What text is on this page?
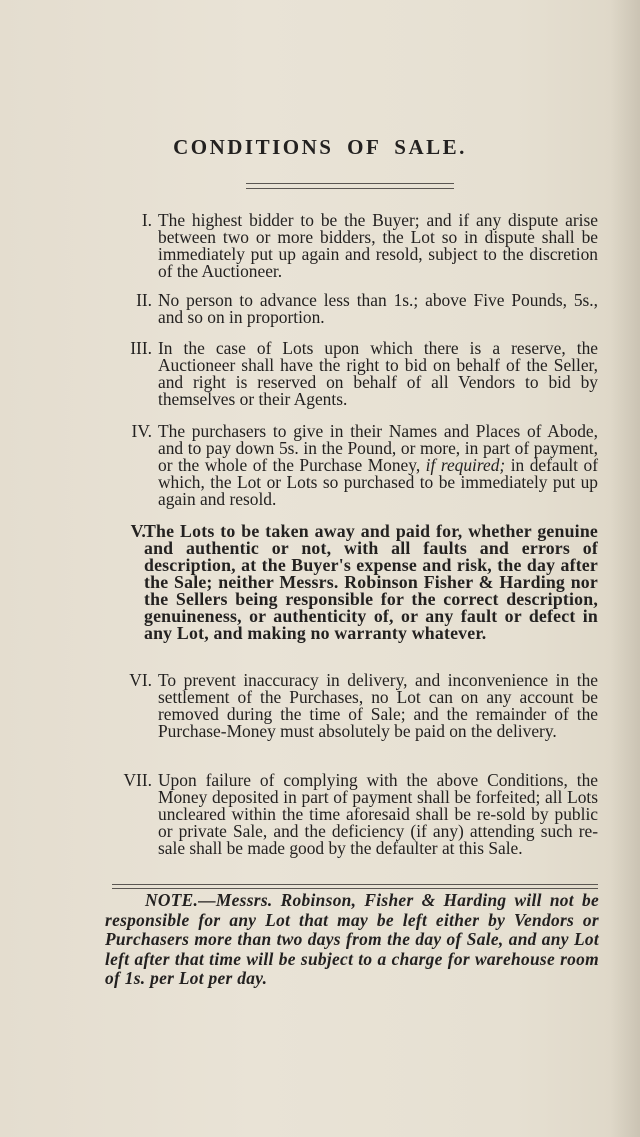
CONDITIONS OF SALE.
I. The highest bidder to be the Buyer; and if any dispute arise between two or more bidders, the Lot so in dispute shall be immediately put up again and resold, subject to the discretion of the Auctioneer.

II. No person to advance less than 1s.; above Five Pounds, 5s., and so on in proportion.

III. In the case of Lots upon which there is a reserve, the Auctioneer shall have the right to bid on behalf of the Seller, and right is reserved on behalf of all Vendors to bid by themselves or their Agents.

IV. The purchasers to give in their Names and Places of Abode, and to pay down 5s. in the Pound, or more, in part of payment, or the whole of the Purchase Money, if required; in default of which, the Lot or Lots so purchased to be immediately put up again and resold.

V.

The Lots to be taken away and paid for, whether genuine and authentic or not, with all faults and errors of description, at the Buyer's expense and risk, the day after the Sale; neither Messrs. Robinson Fisher & Harding nor the Sellers being responsible for the correct description, genuineness, or authenticity of, or any fault or defect in any Lot, and making no warranty whatever.

VI. To prevent inaccuracy in delivery, and inconvenience in the settlement of the Purchases, no Lot can on any account be removed during the time of Sale; and the remainder of the Purchase-Money must absolutely be paid on the delivery.

VII. Upon failure of complying with the above Conditions, the Money deposited in part of payment shall be forfeited; all Lots uncleared within the time aforesaid shall be re-sold by public or private Sale, and the deficiency (if any) attending such re-sale shall be made good by the defaulter at this Sale.

NOTE.—Messrs. Robinson, Fisher & Harding will not be responsible for any Lot that may be left either by Vendors or Purchasers more than two days from the day of Sale, and any Lot left after that time will be subject to a charge for warehouse room of 1s. per Lot per day.
